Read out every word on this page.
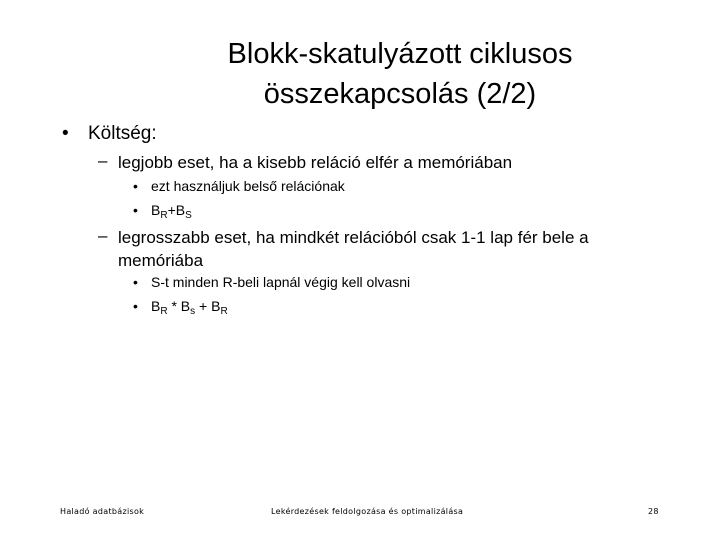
Blokk-skatulyázott ciklusos
összekapcsolás (2/2)
• Költség:
– legjobb eset, ha a kisebb reláció elfér a memóriában
• ezt használjuk belső relációnak
• $B_R+B_S$
– legrosszabb eset, ha mindkét relációból csak 1-1 lap fér bele a
memóriába
• S-t minden R-beli lapnál végig kell olvasni
• $B_R * B_s + B_R$
Haladó adatbázisok	Lekérdezések feldolgozása és optimalizálása	28
